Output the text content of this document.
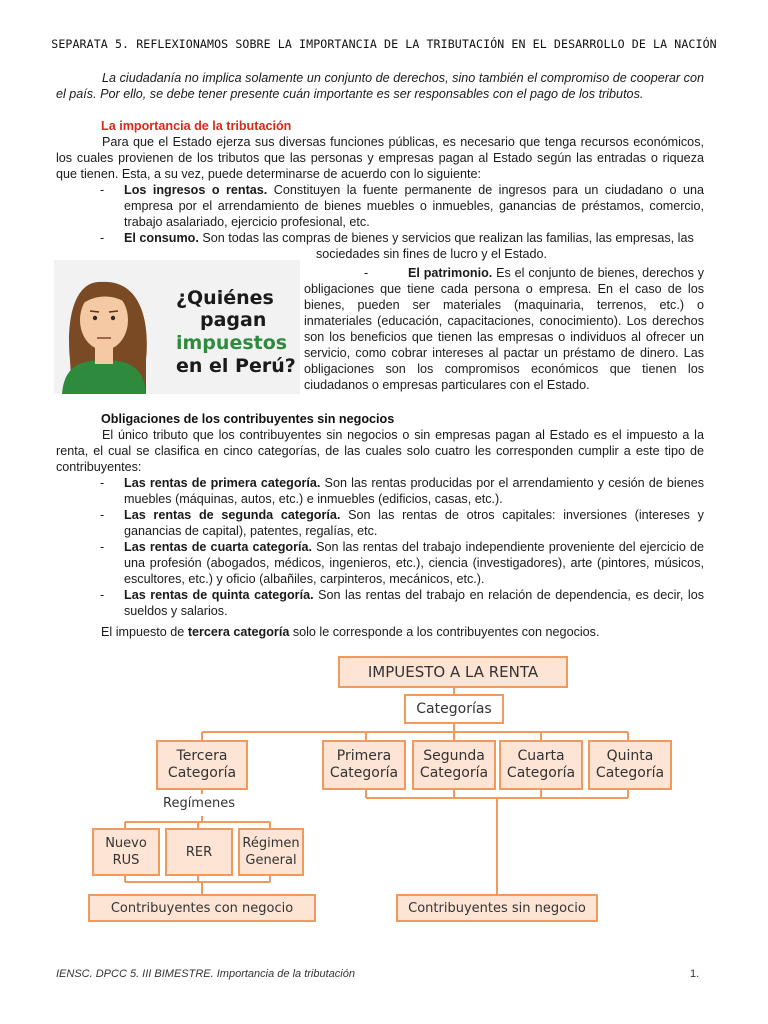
SEPARATA 5. REFLEXIONAMOS SOBRE LA IMPORTANCIA DE LA TRIBUTACIÓN EN EL DESARROLLO DE LA NACIÓN

La ciudadanía no implica solamente un conjunto de derechos, sino también el compromiso de cooperar con el país. Por ello, se debe tener presente cuán importante es ser responsables con el pago de los tributos.

La importancia de la tributación

Para que el Estado ejerza sus diversas funciones públicas, es necesario que tenga recursos económicos, los cuales provienen de los tributos que las personas y empresas pagan al Estado según las entradas o riqueza que tienen. Esta, a su vez, puede determinarse de acuerdo con lo siguiente:

- Los ingresos o rentas. Constituyen la fuente permanente de ingresos para un ciudadano o una empresa por el arrendamiento de bienes muebles o inmuebles, ganancias de préstamos, comercio, trabajo asalariado, ejercicio profesional, etc.
- El consumo. Son todas las compras de bienes y servicios que realizan las familias, las empresas, las
sociedades sin fines de lucro y el Estado.
¿Quiénes
pagan
impuestos
en el Perú?
-	El patrimonio. Es el conjunto de bienes, derechos y obligaciones que tiene cada persona o empresa. En el caso de los bienes, pueden ser materiales (maquinaria, terrenos, etc.) o inmateriales (educación, capacitaciones, conocimiento). Los derechos son los beneficios que tienen las empresas o individuos al ofrecer un servicio, como cobrar intereses al pactar un préstamo de dinero. Las obligaciones son los compromisos económicos que tienen los ciudadanos o empresas particulares con el Estado.
Obligaciones de los contribuyentes sin negocios

El único tributo que los contribuyentes sin negocios o sin empresas pagan al Estado es el impuesto a la renta, el cual se clasifica en cinco categorías, de las cuales solo cuatro les corresponden cumplir a este tipo de contribuyentes:

- Las rentas de primera categoría. Son las rentas producidas por el arrendamiento y cesión de bienes muebles (máquinas, autos, etc.) e inmuebles (edificios, casas, etc.).
- Las rentas de segunda categoría. Son las rentas de otros capitales: inversiones (intereses y ganancias de capital), patentes, regalías, etc.
- Las rentas de cuarta categoría. Son las rentas del trabajo independiente proveniente del ejercicio de una profesión (abogados, médicos, ingenieros, etc.), ciencia (investigadores), arte (pintores, músicos, escultores, etc.) y oficio (albañiles, carpinteros, mecánicos, etc.).
- Las rentas de quinta categoría. Son las rentas del trabajo en relación de dependencia, es decir, los sueldos y salarios.

El impuesto de tercera categoría solo le corresponde a los contribuyentes con negocios.

IMPUESTO A LA RENTA
Categorías
Tercera
Categoría
Primera
Categoría
Segunda
Categoría
Cuarta
Categoría
Quinta
Categoría
Regímenes
Nuevo
RUS
RER
Régimen
General
Contribuyentes con negocio	Contribuyentes sin negocio
IENSC. DPCC 5. III BIMESTRE. Importancia de la tributación	1.
